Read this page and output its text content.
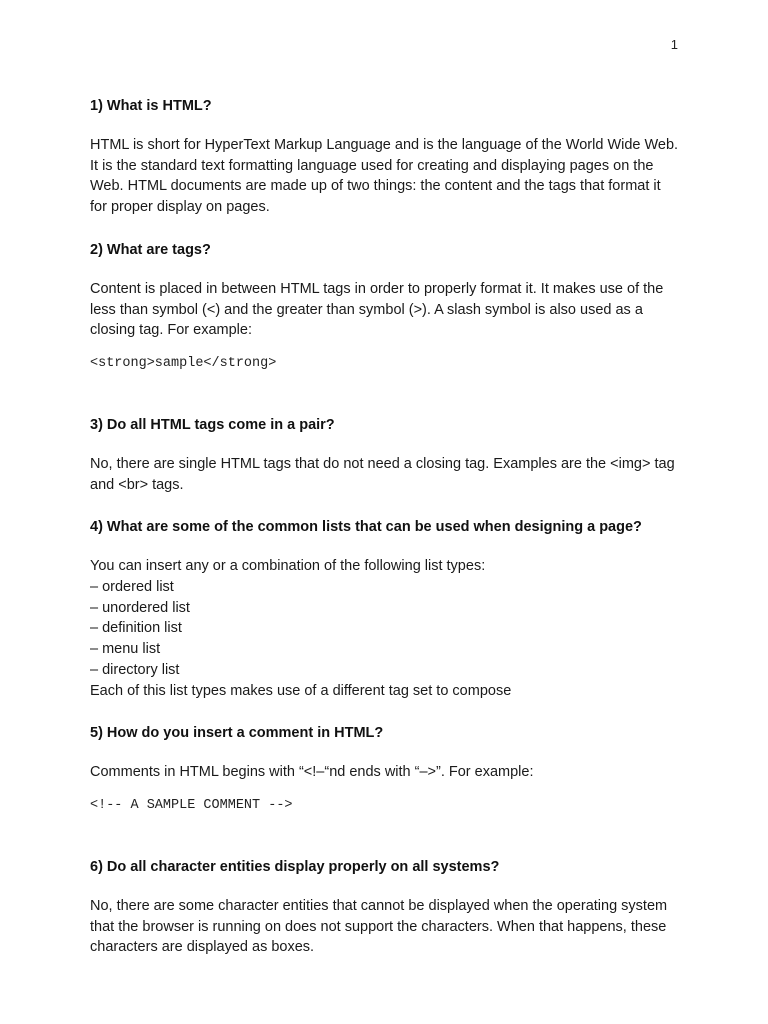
1
1) What is HTML?
HTML is short for HyperText Markup Language and is the language of the World Wide Web. It is the standard text formatting language used for creating and displaying pages on the Web. HTML documents are made up of two things: the content and the tags that format it for proper display on pages.
2) What are tags?
Content is placed in between HTML tags in order to properly format it. It makes use of the less than symbol (<) and the greater than symbol (>). A slash symbol is also used as a closing tag. For example:
<strong>sample</strong>
3) Do all HTML tags come in a pair?
No, there are single HTML tags that do not need a closing tag. Examples are the <img> tag and <br> tags.
4) What are some of the common lists that can be used when designing a page?
You can insert any or a combination of the following list types:
– ordered list
– unordered list
– definition list
– menu list
– directory list
Each of this list types makes use of a different tag set to compose
5) How do you insert a comment in HTML?
Comments in HTML begins with “<!–“nd ends with “–>”. For example:
<!-- A SAMPLE COMMENT -->
6) Do all character entities display properly on all systems?
No, there are some character entities that cannot be displayed when the operating system that the browser is running on does not support the characters. When that happens, these characters are displayed as boxes.
